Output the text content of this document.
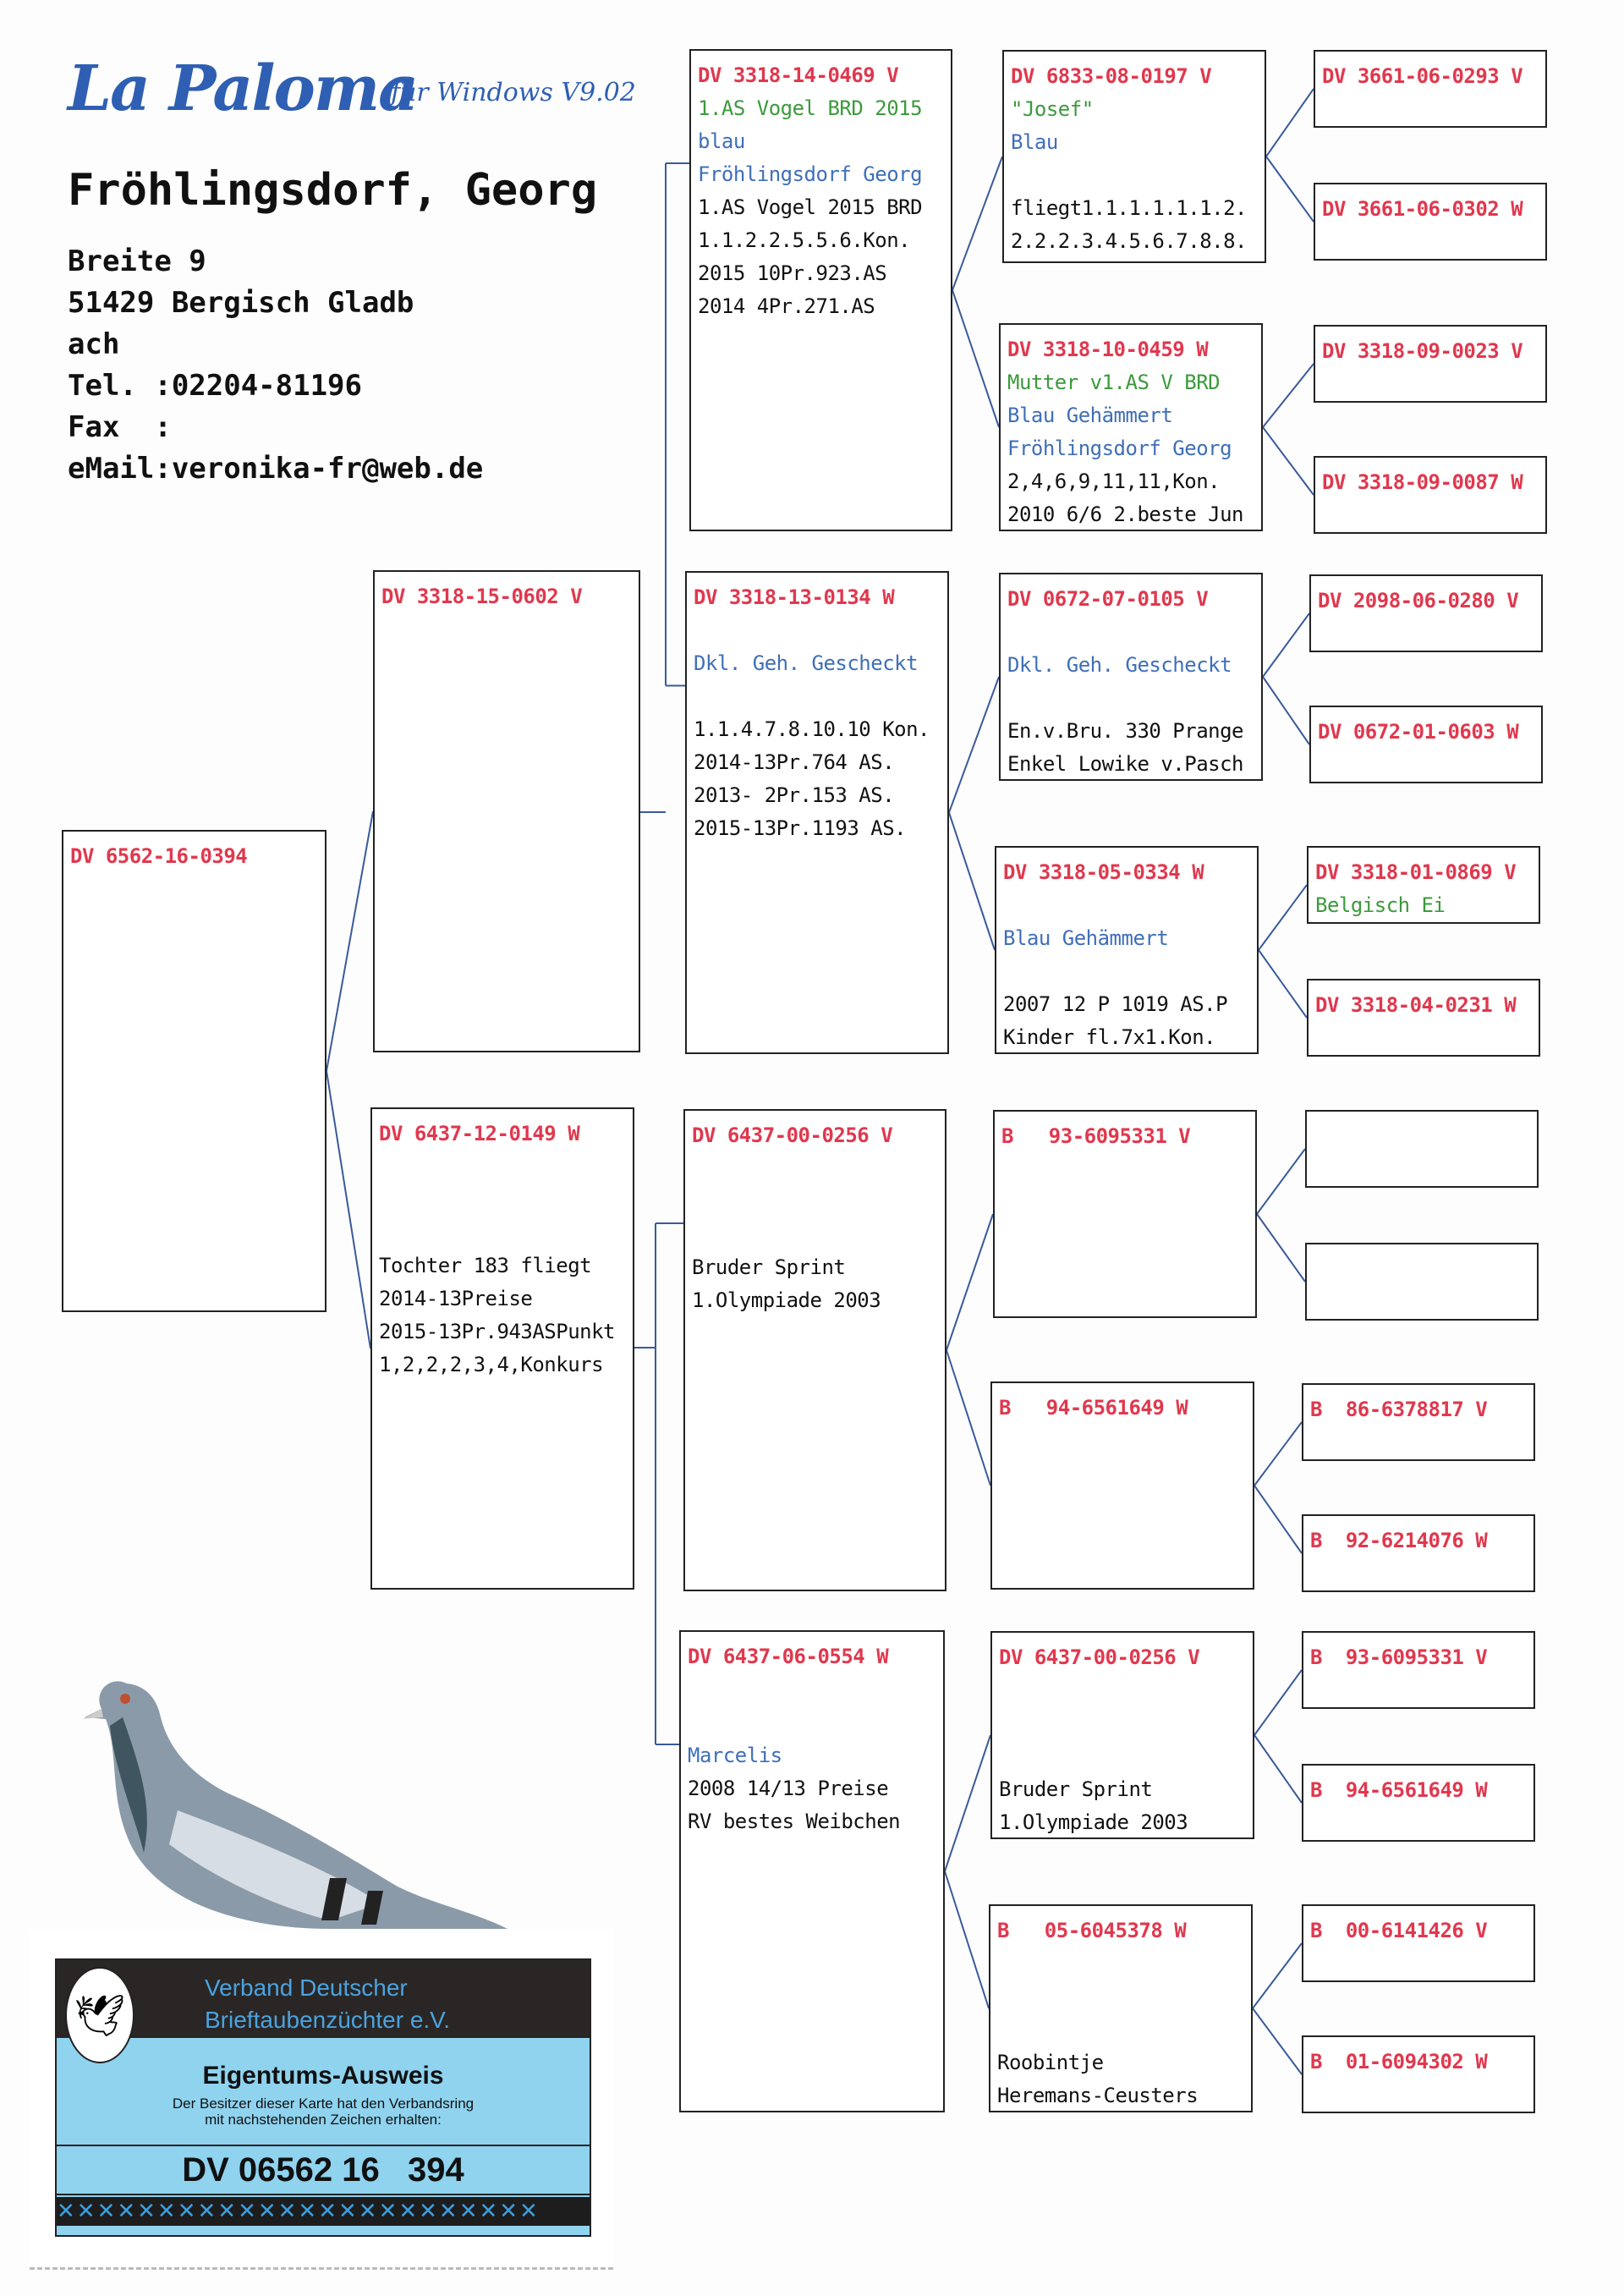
La Paloma
für Windows V9.02
Fröhlingsdorf, Georg
Breite 9
51429 Bergisch Gladb
ach
Tel. :02204-81196
Fax  :
eMail:veronika-fr@web.de
DV 6562-16-0394
DV 3318-15-0602 V
DV 6437-12-0149 W
Tochter 183 fliegt
2014-13Preise
2015-13Pr.943ASPunkt
1,2,2,2,3,4,Konkurs
DV 3318-14-0469 V
1.AS Vogel BRD 2015
blau
Fröhlingsdorf Georg
1.AS Vogel 2015 BRD
1.1.2.2.5.5.6.Kon.
2015 10Pr.923.AS
2014 4Pr.271.AS
DV 3318-13-0134 W
Dkl. Geh. Gescheckt
1.1.4.7.8.10.10 Kon.
2014-13Pr.764 AS.
2013- 2Pr.153 AS.
2015-13Pr.1193 AS.
DV 6437-00-0256 V
Bruder Sprint
1.Olympiade 2003
DV 6437-06-0554 W
Marcelis
2008 14/13 Preise
RV bestes Weibchen
DV 6833-08-0197 V
"Josef"
Blau
fliegt1.1.1.1.1.1.2.
2.2.2.3.4.5.6.7.8.8.
DV 3318-10-0459 W
Mutter v1.AS V BRD
Blau Gehämmert
Fröhlingsdorf Georg
2,4,6,9,11,11,Kon.
2010 6/6 2.beste Jun
DV 0672-07-0105 V
Dkl. Geh. Gescheckt
En.v.Bru. 330 Prange
Enkel Lowike v.Pasch
DV 3318-05-0334 W
Blau Gehämmert
2007 12 P 1019 AS.P
Kinder fl.7x1.Kon.
B   93-6095331 V
B   94-6561649 W
DV 6437-00-0256 V
Bruder Sprint
1.Olympiade 2003
B   05-6045378 W
Roobintje
Heremans-Ceusters
DV 3661-06-0293 V
DV 3661-06-0302 W
DV 3318-09-0023 V
DV 3318-09-0087 W
DV 2098-06-0280 V
DV 0672-01-0603 W
DV 3318-01-0869 V
Belgisch Ei
DV 3318-04-0231 W
B  86-6378817 V
B  92-6214076 W
B  93-6095331 V
B  94-6561649 W
B  00-6141426 V
B  01-6094302 W
🕊
Verband Deutscher
Brieftaubenzüchter e.V.
Eigentums-Ausweis
Der Besitzer dieser Karte hat den Verbandsring
mit nachstehenden Zeichen erhalten:
DV 06562 16   394
✕✕✕✕✕✕✕✕✕✕✕✕✕✕✕✕✕✕✕✕✕✕✕✕
